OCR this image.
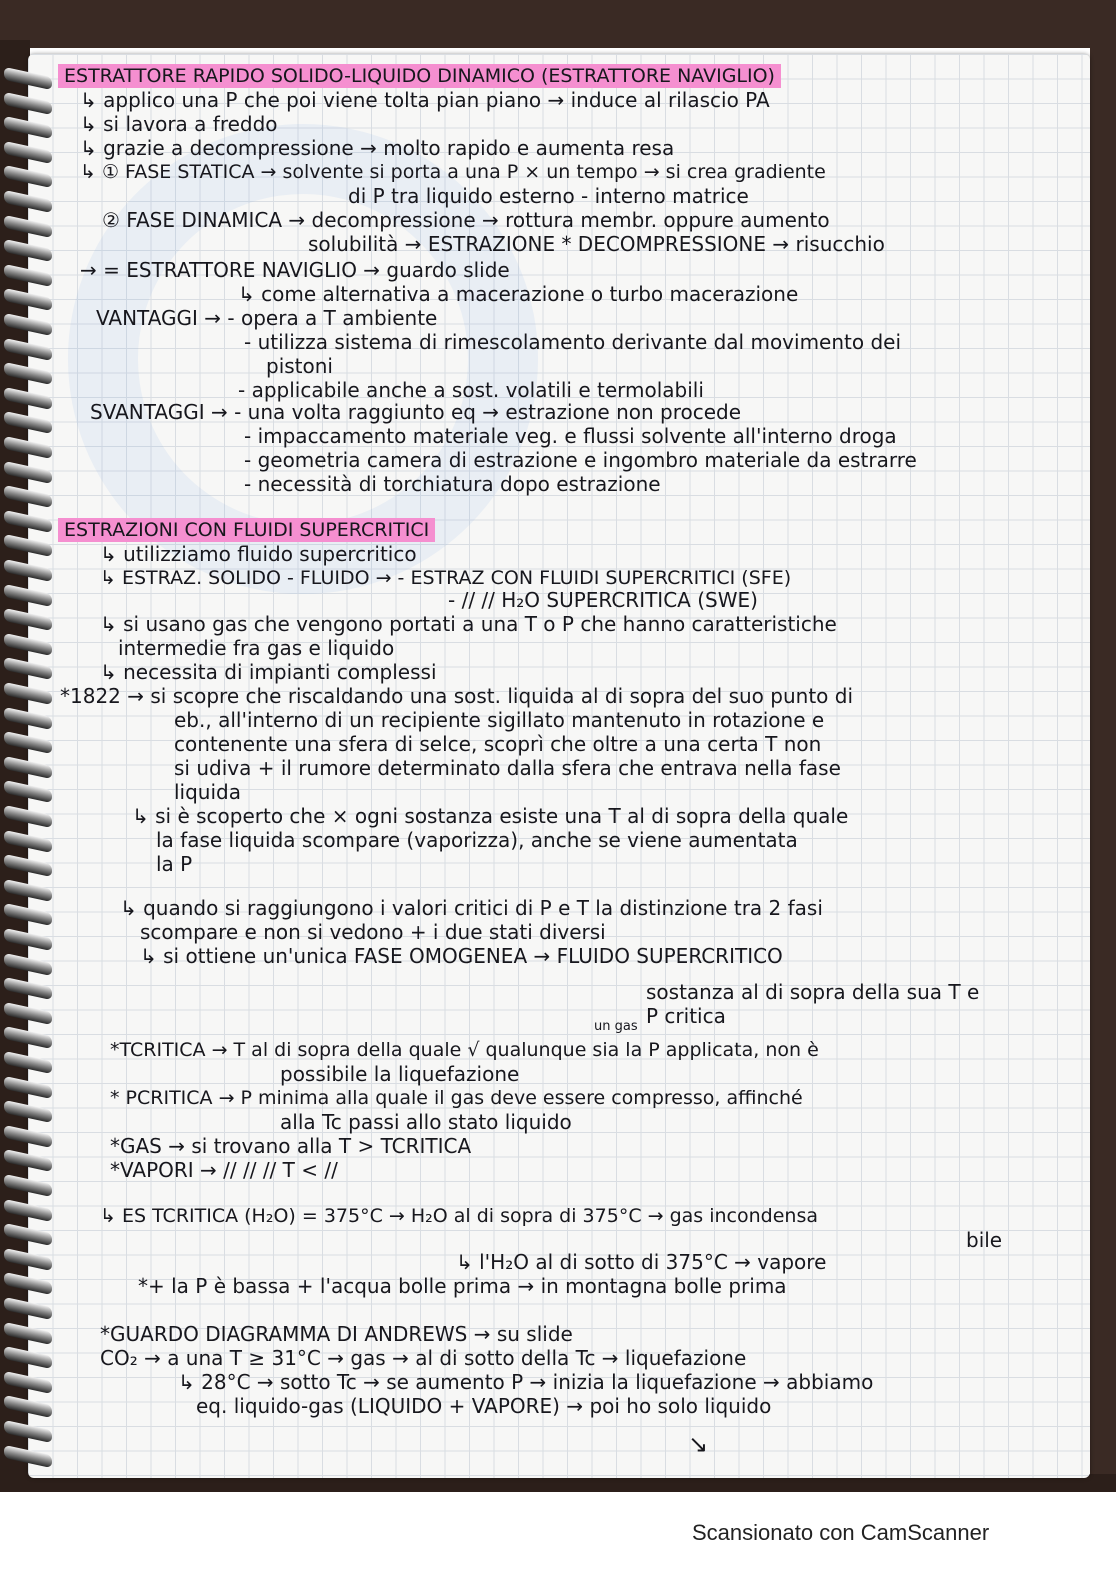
ESTRATTORE RAPIDO SOLIDO-LIQUIDO DINAMICO (ESTRATTORE NAVIGLIO)

↳ applico una P che poi viene tolta pian piano → induce al rilascio PA

↳ si lavora a freddo

↳ grazie a decompressione → molto rapido e aumenta resa

↳ ① FASE STATICA → solvente si porta a una P × un tempo → si crea gradiente

di P tra liquido esterno - interno matrice

② FASE DINAMICA → decompressione → rottura membr. oppure aumento

solubilità → ESTRAZIONE * DECOMPRESSIONE → risucchio

→ = ESTRATTORE NAVIGLIO → guardo slide

↳ come alternativa a macerazione o turbo macerazione

VANTAGGI → - opera a T ambiente

- utilizza sistema di rimescolamento derivante dal movimento dei

pistoni

- applicabile anche a sost. volatili e termolabili

SVANTAGGI → - una volta raggiunto eq → estrazione non procede

- impaccamento materiale veg. e flussi solvente all'interno droga

- geometria camera di estrazione e ingombro materiale da estrarre

- necessità di torchiatura dopo estrazione

ESTRAZIONI CON FLUIDI SUPERCRITICI

↳ utilizziamo fluido supercritico

↳ ESTRAZ. SOLIDO - FLUIDO → - ESTRAZ CON FLUIDI SUPERCRITICI (SFE)

- // // H₂O SUPERCRITICA (SWE)

↳ si usano gas che vengono portati a una T o P che hanno caratteristiche

intermedie fra gas e liquido

↳ necessita di impianti complessi

*1822 → si scopre che riscaldando una sost. liquida al di sopra del suo punto di

eb., all'interno di un recipiente sigillato mantenuto in rotazione e

contenente una sfera di selce, scoprì che oltre a una certa T non

si udiva + il rumore determinato dalla sfera che entrava nella fase

liquida

↳ si è scoperto che × ogni sostanza esiste una T al di sopra della quale

la fase liquida scompare (vaporizza), anche se viene aumentata

la P

↳ quando si raggiungono i valori critici di P e T la distinzione tra 2 fasi

scompare e non si vedono + i due stati diversi

↳ si ottiene un'unica FASE OMOGENEA → FLUIDO SUPERCRITICO

sostanza al di sopra della sua T e

P critica

un gas

*TCRITICA → T al di sopra della quale √ qualunque sia la P applicata, non è

possibile la liquefazione

* PCRITICA → P minima alla quale il gas deve essere compresso, affinché

alla Tc passi allo stato liquido

*GAS → si trovano alla T > TCRITICA

*VAPORI → // // // T < //

↳ ES TCRITICA (H₂O) = 375°C → H₂O al di sopra di 375°C → gas incondensa

bile

↳ l'H₂O al di sotto di 375°C → vapore

*+ la P è bassa + l'acqua bolle prima → in montagna bolle prima

*GUARDO DIAGRAMMA DI ANDREWS → su slide

CO₂ → a una T ≥ 31°C → gas → al di sotto della Tc → liquefazione

↳ 28°C → sotto Tc → se aumento P → inizia la liquefazione → abbiamo

eq. liquido-gas (LIQUIDO + VAPORE) → poi ho solo liquido

↘

Scansionato con CamScanner
